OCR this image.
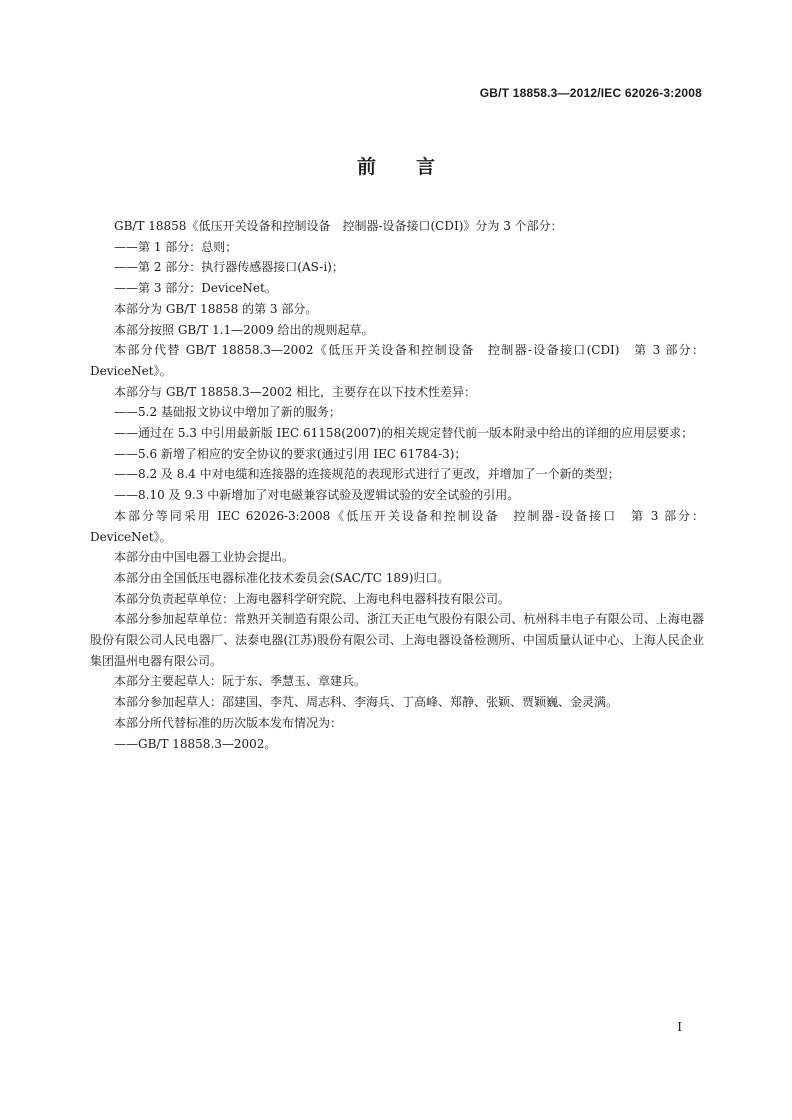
GB/T 18858.3—2012/IEC 62026-3:2008
前言

GB/T 18858《低压开关设备和控制设备　控制器-设备接口(CDI)》分为 3 个部分：

——第 1 部分：总则；

——第 2 部分：执行器传感器接口(AS-i)；

——第 3 部分：DeviceNet。

本部分为 GB/T 18858 的第 3 部分。

本部分按照 GB/T 1.1—2009 给出的规则起草。

本部分代替 GB/T 18858.3—2002《低压开关设备和控制设备　控制器-设备接口(CDI)　第 3 部分：DeviceNet》。

本部分与 GB/T 18858.3—2002 相比，主要存在以下技术性差异：

——5.2 基础报文协议中增加了新的服务；

——通过在 5.3 中引用最新版 IEC 61158(2007)的相关规定替代前一版本附录中给出的详细的应用层要求；

——5.6 新增了相应的安全协议的要求(通过引用 IEC 61784-3)；

——8.2 及 8.4 中对电缆和连接器的连接规范的表现形式进行了更改，并增加了一个新的类型；

——8.10 及 9.3 中新增加了对电磁兼容试验及逻辑试验的安全试验的引用。

本部分等同采用 IEC 62026-3:2008《低压开关设备和控制设备　控制器-设备接口　第 3 部分：DeviceNet》。

本部分由中国电器工业协会提出。

本部分由全国低压电器标准化技术委员会(SAC/TC 189)归口。

本部分负责起草单位：上海电器科学研究院、上海电科电器科技有限公司。

本部分参加起草单位：常熟开关制造有限公司、浙江天正电气股份有限公司、杭州科丰电子有限公司、上海电器股份有限公司人民电器厂、法泰电器(江苏)股份有限公司、上海电器设备检测所、中国质量认证中心、上海人民企业集团温州电器有限公司。

本部分主要起草人：阮于东、季慧玉、章建兵。

本部分参加起草人：邵建国、李芃、周志科、李海兵、丁高峰、郑静、张颖、贾颖巍、金灵满。

本部分所代替标准的历次版本发布情况为：

——GB/T 18858.3—2002。

I
